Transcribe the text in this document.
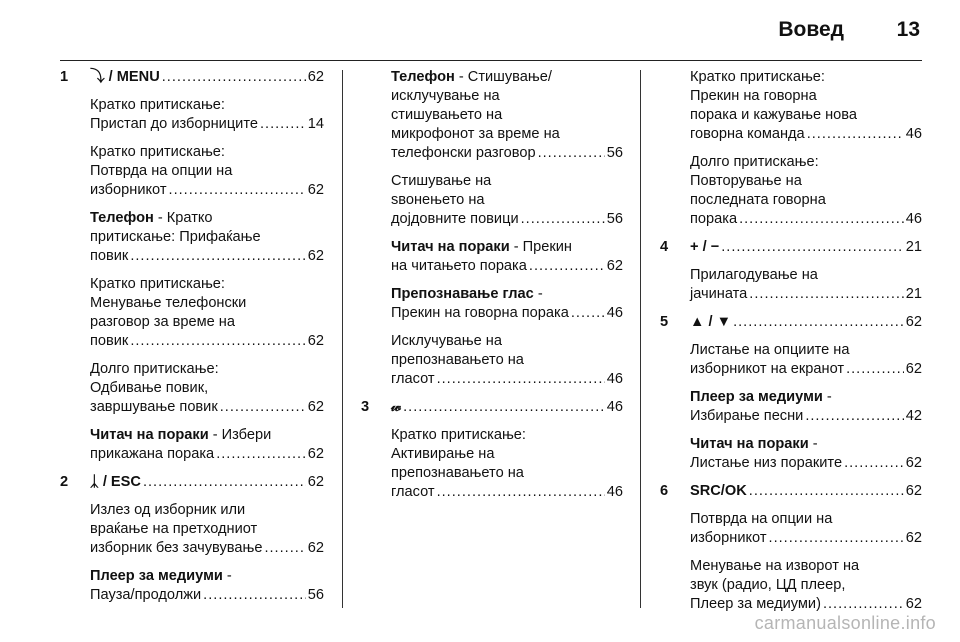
Вовед	13
1 ⤵ / MENU .....	62
Кратко притискање:
Пристап до изборниците .....	14
Кратко притискање:
Потврда на опции на
изборникот .....	62
Телефон - Кратко
притискање: Прифаќање
повик .....	62
Кратко притискање:
Менување телефонски
разговор за време на
повик .....	62
Долго притискање:
Одбивање повик,
завршување повик .....	62
Читач на пораки - Избери
прикажана порака .....	62
2 ᛣ / ESC .....	62
Излез од изборник или
враќање на претходниот
изборник без зачувување .....	62
Плеер за медиуми -
Пауза/продолжи .....	56
Телефон - Стишување/
исклучување на
стишувањето на
микрофонот за време на
телефонски разговор .....	56
Стишување на
ѕвонењето на
дојдовните повици .....	56
Читач на пораки - Прекин
на читањето порака .....	62
Препознавање глас -
Прекин на говорна порака .....	46
Исклучување на
препознавањето на
гласот .....	46
3 𝓌 .....	46
Кратко притискање:
Активирање на
препознавањето на
гласот .....	46
Кратко притискање:
Прекин на говорна
порака и кажување нова
говорна команда .....	46
Долго притискање:
Повторување на
последната говорна
порака .....	46
4 + / − .....	21
Прилагодување на
јачината .....	21
5 ▲ / ▼ .....	62
Листање на опциите на
изборникот на екранот .....	62
Плеер за медиуми -
Избирање песни .....	42
Читач на пораки -
Листање низ пораките .....	62
6 SRC/OK .....	62
Потврда на опции на
изборникот .....	62
Менување на изворот на
звук (радио, ЦД плеер,
Плеер за медиуми) .....	62
carmanualsonline.info
